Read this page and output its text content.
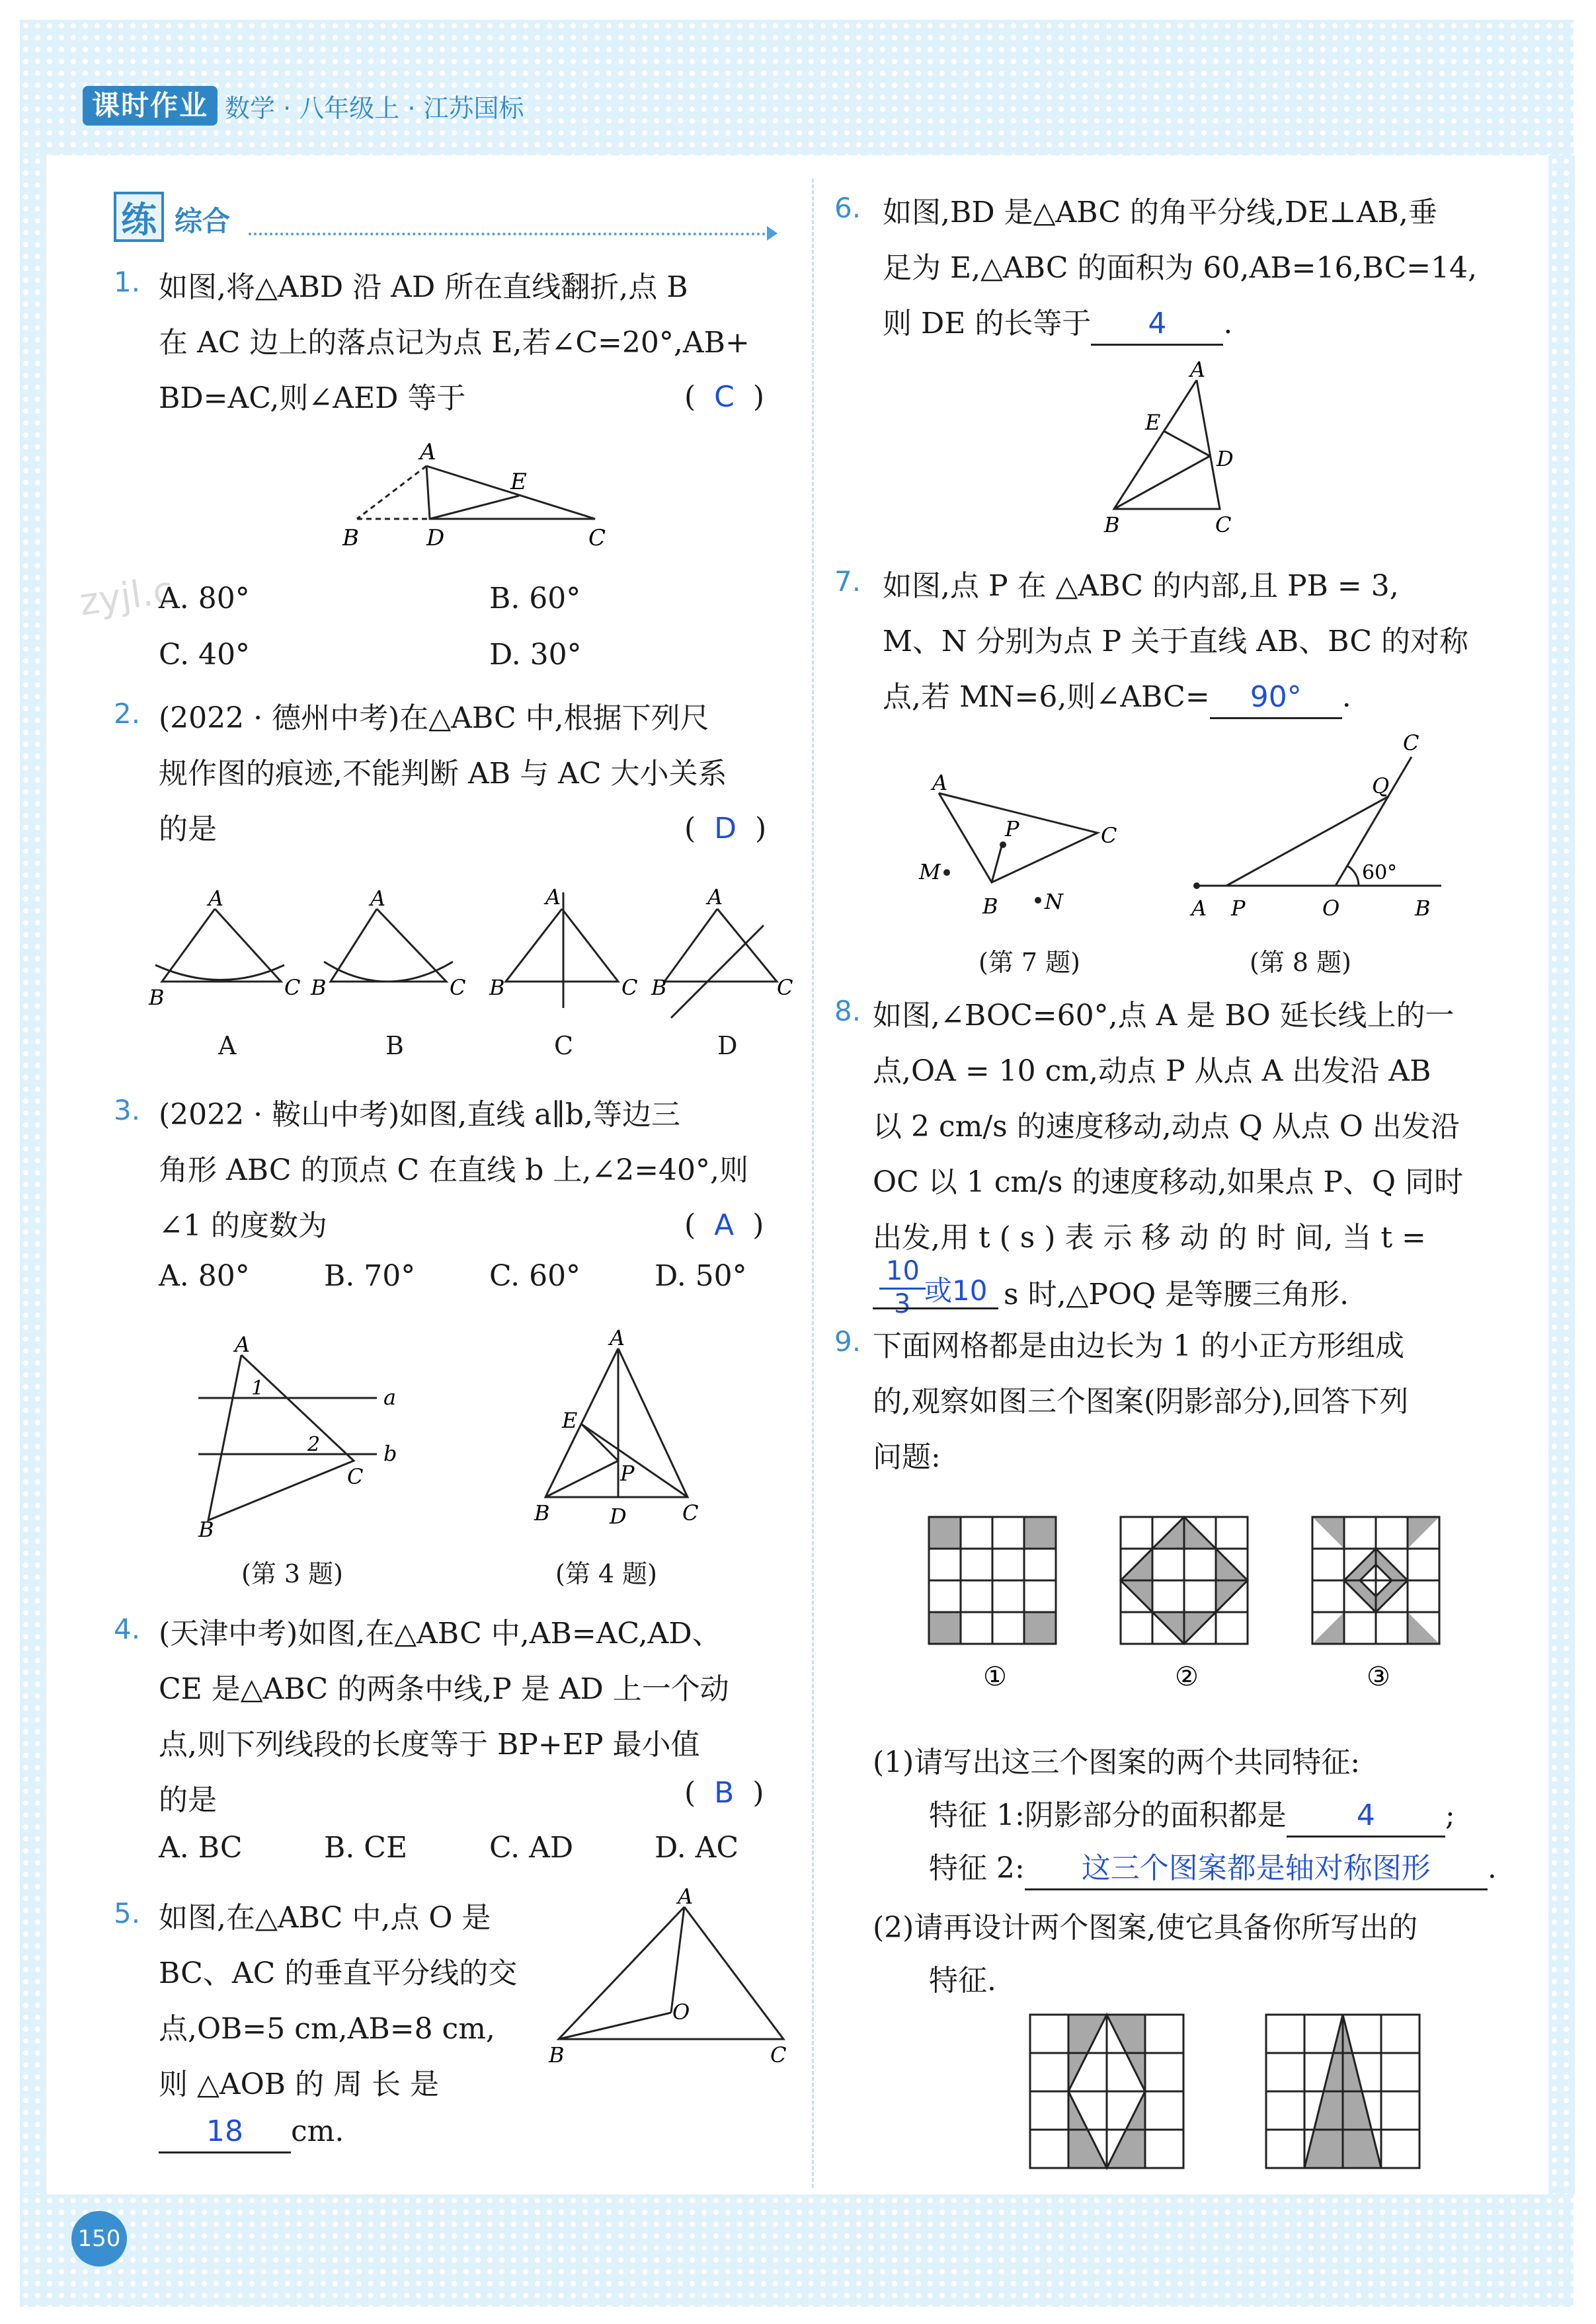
课时作业 数学 · 八年级上 · 江苏国标
150
zyjl.c
练 综合
1. 如图,将△ABD 沿 AD 所在直线翻折,点 B
在 AC 边上的落点记为点 E,若∠C=20°,AB+
BD=AC,则∠AED 等于	( C )
A
B	D	C
E
A. 80°	B. 60°
C. 40°	D. 30°
2. (2022 · 德州中考)在△ABC 中,根据下列尺
规作图的痕迹,不能判断 AB 与 AC 大小关系
的是	( D )
A
B	C
A
B	C
A
B	C
A
B	C
A	B	C	D
3. (2022 · 鞍山中考)如图,直线 a∥b,等边三
角形 ABC 的顶点 C 在直线 b 上,∠2=40°,则
∠1 的度数为	( A )
A. 80°	B. 70°	C. 60°	D. 50°
A
1
2
a
b
C
B
(第 3 题)
A
E
P
B	D	C
(第 4 题)
4. (天津中考)如图,在△ABC 中,AB=AC,AD、
CE 是△ABC 的两条中线,P 是 AD 上一个动
点,则下列线段的长度等于 BP+EP 最小值
的是	( B )
A. BC	B. CE	C. AD	D. AC
5. 如图,在△ABC 中,点 O 是
BC、AC 的垂直平分线的交
点,OB=5 cm,AB=8 cm,
则 △AOB 的 周 长 是
18 cm.
A
O
B	C
6. 如图,BD 是△ABC 的角平分线,DE⊥AB,垂
足为 E,△ABC 的面积为 60,AB=16,BC=14,
则 DE 的长等于 4 .
A
E
D
B	C
7. 如图,点 P 在 △ABC 的内部,且 PB = 3,
M、N 分别为点 P 关于直线 AB、BC 的对称
点,若 MN=6,则∠ABC= 90° .
A
P	C
M
B N
(第 7 题)
C
Q
60°
A P	O	B
(第 8 题)
8. 如图,∠BOC=60°,点 A 是 BO 延长线上的一
点,OA = 10 cm,动点 P 从点 A 出发沿 AB
以 2 cm/s 的速度移动,动点 Q 从点 O 出发沿
OC 以 1 cm/s 的速度移动,如果点 P、Q 同时
出发,用 t ( s ) 表 示 移 动 的 时 间, 当 t =
10
3 或10 s 时,△POQ 是等腰三角形.
9. 下面网格都是由边长为 1 的小正方形组成
的,观察如图三个图案(阴影部分),回答下列
问题:
①	②	③
(1)请写出这三个图案的两个共同特征:
特征 1:阴影部分的面积都是 4 ;
特征 2: 这三个图案都是轴对称图形 .
(2)请再设计两个图案,使它具备你所写出的
特征.
